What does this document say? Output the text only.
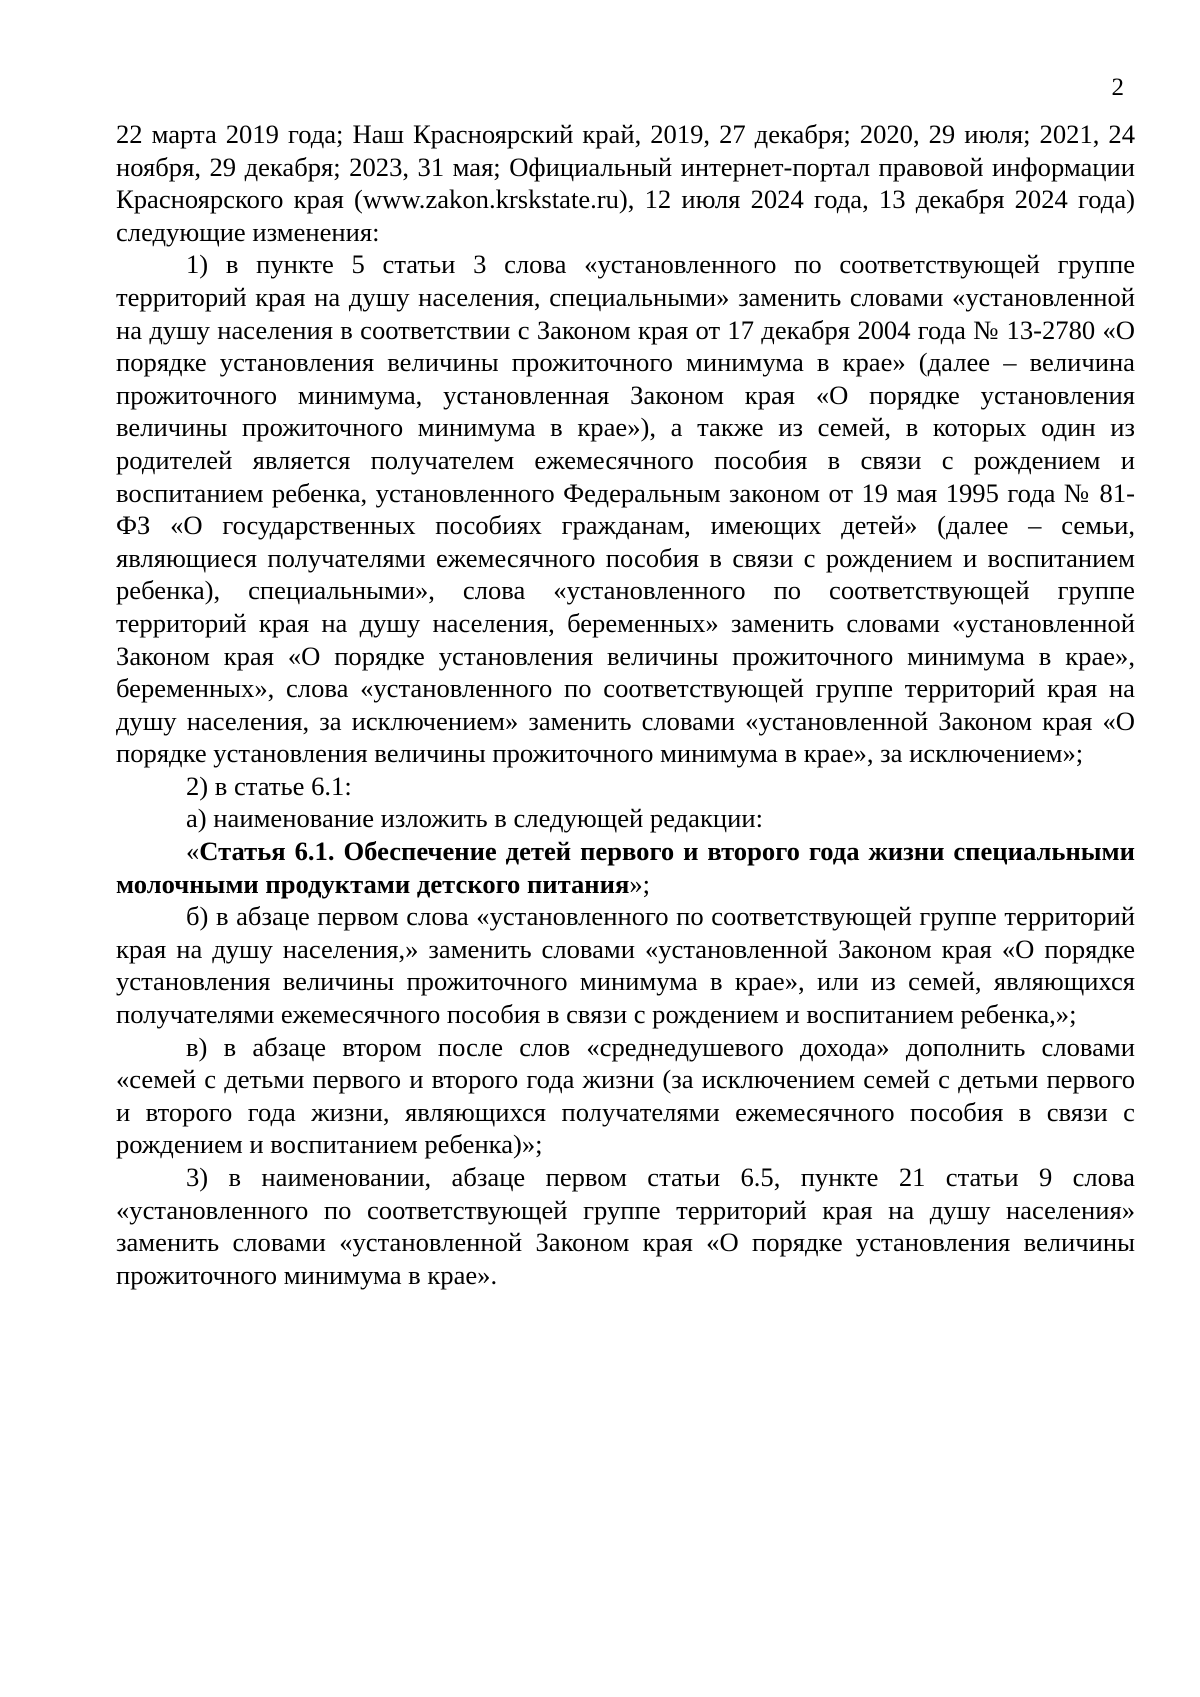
2

22 марта 2019 года; Наш Красноярский край, 2019, 27 декабря; 2020, 29 июля; 2021, 24 ноября, 29 декабря; 2023, 31 мая; Официальный интернет-портал правовой информации Красноярского края (www.zakon.krskstate.ru), 12 июля 2024 года, 13 декабря 2024 года) следующие изменения:

1) в пункте 5 статьи 3 слова «установленного по соответствующей группе территорий края на душу населения, специальными» заменить словами «установленной на душу населения в соответствии с Законом края от 17 декабря 2004 года № 13-2780 «О порядке установления величины прожиточного минимума в крае» (далее – величина прожиточного минимума, установленная Законом края «О порядке установления величины прожиточного минимума в крае»), а также из семей, в которых один из родителей является получателем ежемесячного пособия в связи с рождением и воспитанием ребенка, установленного Федеральным законом от 19 мая 1995 года № 81-ФЗ «О государственных пособиях гражданам, имеющих детей» (далее – семьи, являющиеся получателями ежемесячного пособия в связи с рождением и воспитанием ребенка), специальными», слова «установленного по соответствующей группе территорий края на душу населения, беременных» заменить словами «установленной Законом края «О порядке установления величины прожиточного минимума в крае», беременных», слова «установленного по соответствующей группе территорий края на душу населения, за исключением» заменить словами «установленной Законом края «О порядке установления величины прожиточного минимума в крае», за исключением»;

2) в статье 6.1:

а) наименование изложить в следующей редакции:

«Статья 6.1. Обеспечение детей первого и второго года жизни специальными молочными продуктами детского питания»;

б) в абзаце первом слова «установленного по соответствующей группе территорий края на душу населения,» заменить словами «установленной Законом края «О порядке установления величины прожиточного минимума в крае», или из семей, являющихся получателями ежемесячного пособия в связи с рождением и воспитанием ребенка,»;

в) в абзаце втором после слов «среднедушевого дохода» дополнить словами «семей с детьми первого и второго года жизни (за исключением семей с детьми первого и второго года жизни, являющихся получателями ежемесячного пособия в связи с рождением и воспитанием ребенка)»;

3) в наименовании, абзаце первом статьи 6.5, пункте 21 статьи 9 слова «установленного по соответствующей группе территорий края на душу населения» заменить словами «установленной Законом края «О порядке установления величины прожиточного минимума в крае».
